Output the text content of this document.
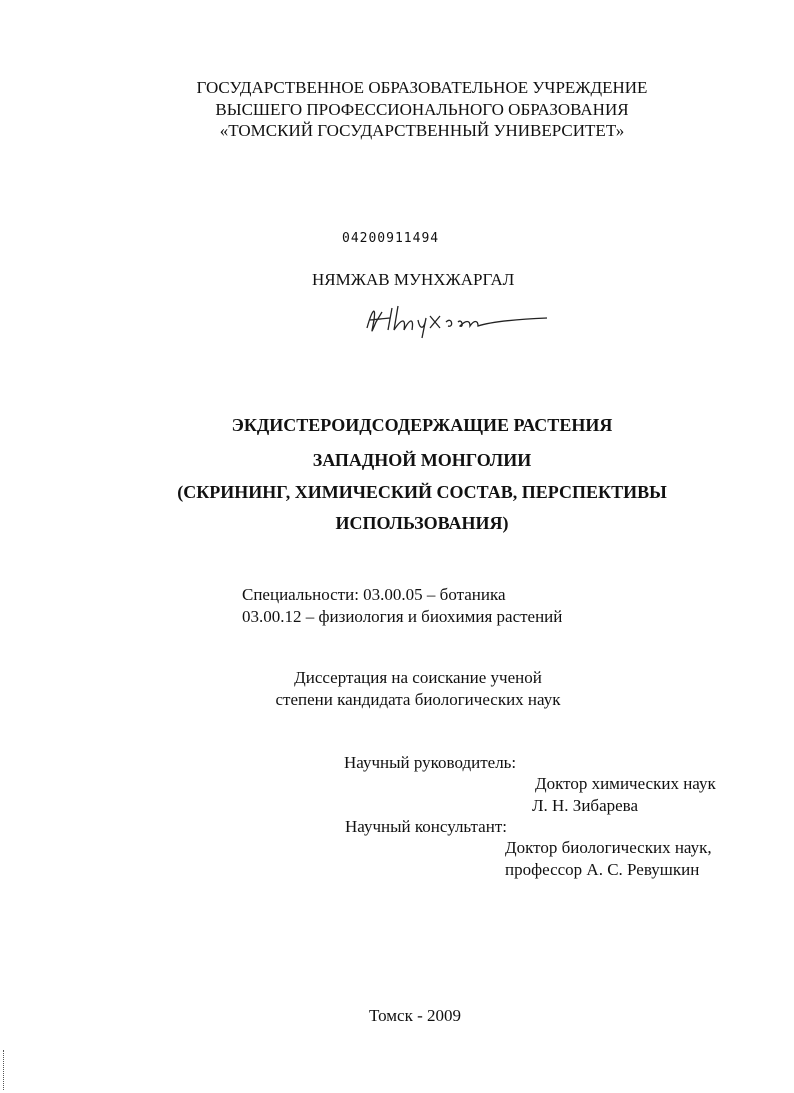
ГОСУДАРСТВЕННОЕ ОБРАЗОВАТЕЛЬНОЕ УЧРЕЖДЕНИЕ
ВЫСШЕГО ПРОФЕССИОНАЛЬНОГО ОБРАЗОВАНИЯ
«ТОМСКИЙ ГОСУДАРСТВЕННЫЙ УНИВЕРСИТЕТ»
04200911494
НЯМЖАВ МУНХЖАРГАЛ
ЭКДИСТЕРОИДСОДЕРЖАЩИЕ РАСТЕНИЯ
ЗАПАДНОЙ МОНГОЛИИ
(СКРИНИНГ, ХИМИЧЕСКИЙ СОСТАВ, ПЕРСПЕКТИВЫ
ИСПОЛЬЗОВАНИЯ)
Специальности: 03.00.05 – ботаника
03.00.12 – физиология и биохимия растений
Диссертация на соискание ученой
степени кандидата биологических наук
Научный руководитель:
Доктор химических наук
Л. Н. Зибарева
Научный консультант:
Доктор биологических наук,
профессор А. С. Ревушкин
Томск - 2009
